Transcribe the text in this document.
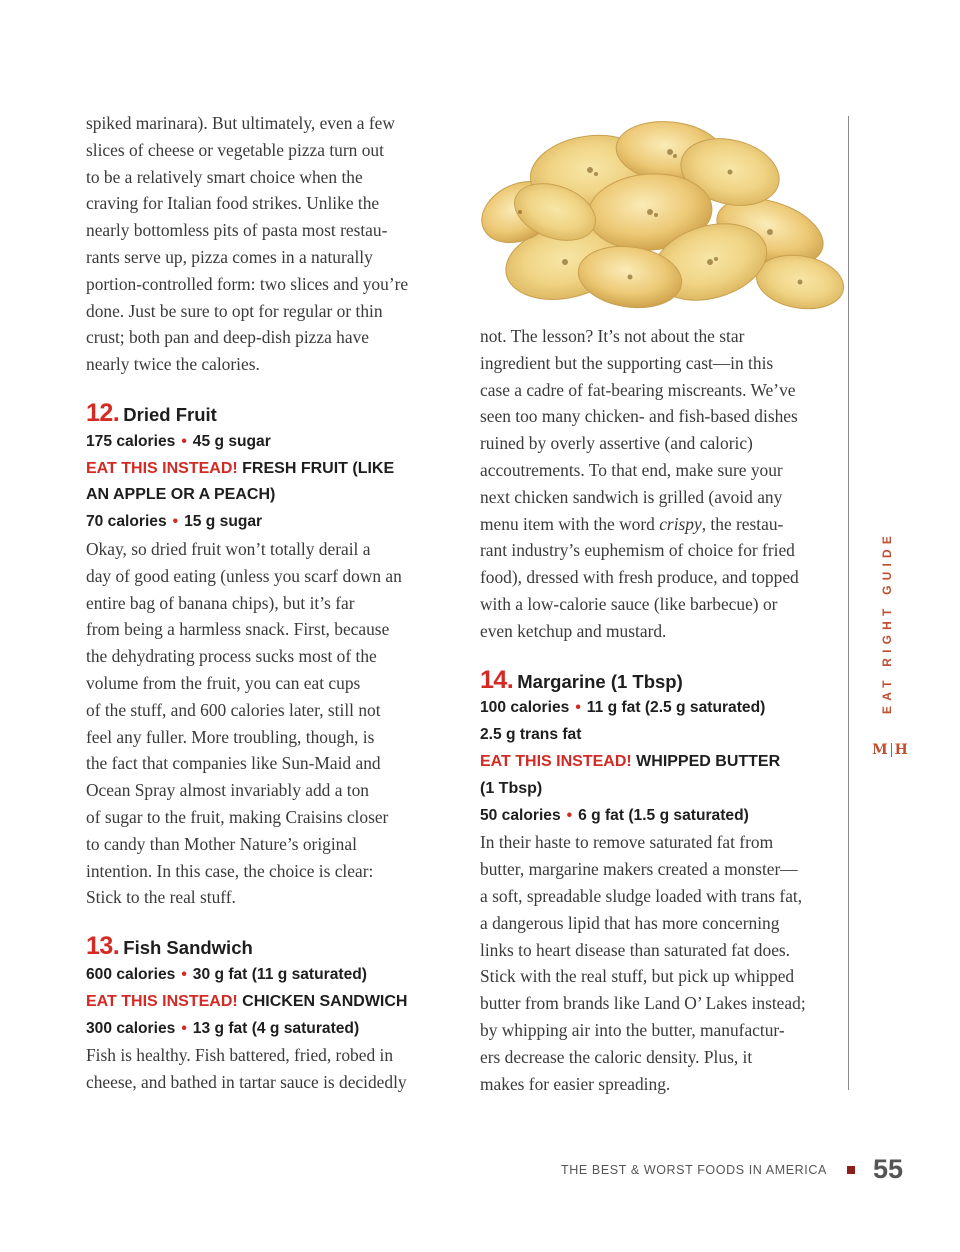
spiked marinara). But ultimately, even a few
slices of cheese or vegetable pizza turn out
to be a relatively smart choice when the
craving for Italian food strikes. Unlike the
nearly bottomless pits of pasta most restau-
rants serve up, pizza comes in a naturally
portion-controlled form: two slices and you’re
done. Just be sure to opt for regular or thin
crust; both pan and deep-dish pizza have
nearly twice the calories.

12. Dried Fruit
175 calories • 45 g sugar
EAT THIS INSTEAD! FRESH FRUIT (LIKE
AN APPLE OR A PEACH)
70 calories • 15 g sugar

Okay, so dried fruit won’t totally derail a
day of good eating (unless you scarf down an
entire bag of banana chips), but it’s far
from being a harmless snack. First, because
the dehydrating process sucks most of the
volume from the fruit, you can eat cups
of the stuff, and 600 calories later, still not
feel any fuller. More troubling, though, is
the fact that companies like Sun-Maid and
Ocean Spray almost invariably add a ton
of sugar to the fruit, making Craisins closer
to candy than Mother Nature’s original
intention. In this case, the choice is clear:
Stick to the real stuff.

13. Fish Sandwich
600 calories • 30 g fat (11 g saturated)
EAT THIS INSTEAD! CHICKEN SANDWICH
300 calories • 13 g fat (4 g saturated)

Fish is healthy. Fish battered, fried, robed in
cheese, and bathed in tartar sauce is decidedly

not. The lesson? It’s not about the star
ingredient but the supporting cast—in this
case a cadre of fat-bearing miscreants. We’ve
seen too many chicken- and fish-based dishes
ruined by overly assertive (and caloric)
accoutrements. To that end, make sure your
next chicken sandwich is grilled (avoid any
menu item with the word crispy, the restau-
rant industry’s euphemism of choice for fried
food), dressed with fresh produce, and topped
with a low-calorie sauce (like barbecue) or
even ketchup and mustard.

14. Margarine (1 Tbsp)
100 calories • 11 g fat (2.5 g saturated)
2.5 g trans fat
EAT THIS INSTEAD! WHIPPED BUTTER
(1 Tbsp)
50 calories • 6 g fat (1.5 g saturated)

In their haste to remove saturated fat from
butter, margarine makers created a monster—
a soft, spreadable sludge loaded with trans fat,
a dangerous lipid that has more concerning
links to heart disease than saturated fat does.
Stick with the real stuff, but pick up whipped
butter from brands like Land O’ Lakes instead;
by whipping air into the butter, manufactur-
ers decrease the caloric density. Plus, it
makes for easier spreading.

EAT RIGHT GUIDE
M H
THE BEST & WORST FOODS IN AMERICA 55
